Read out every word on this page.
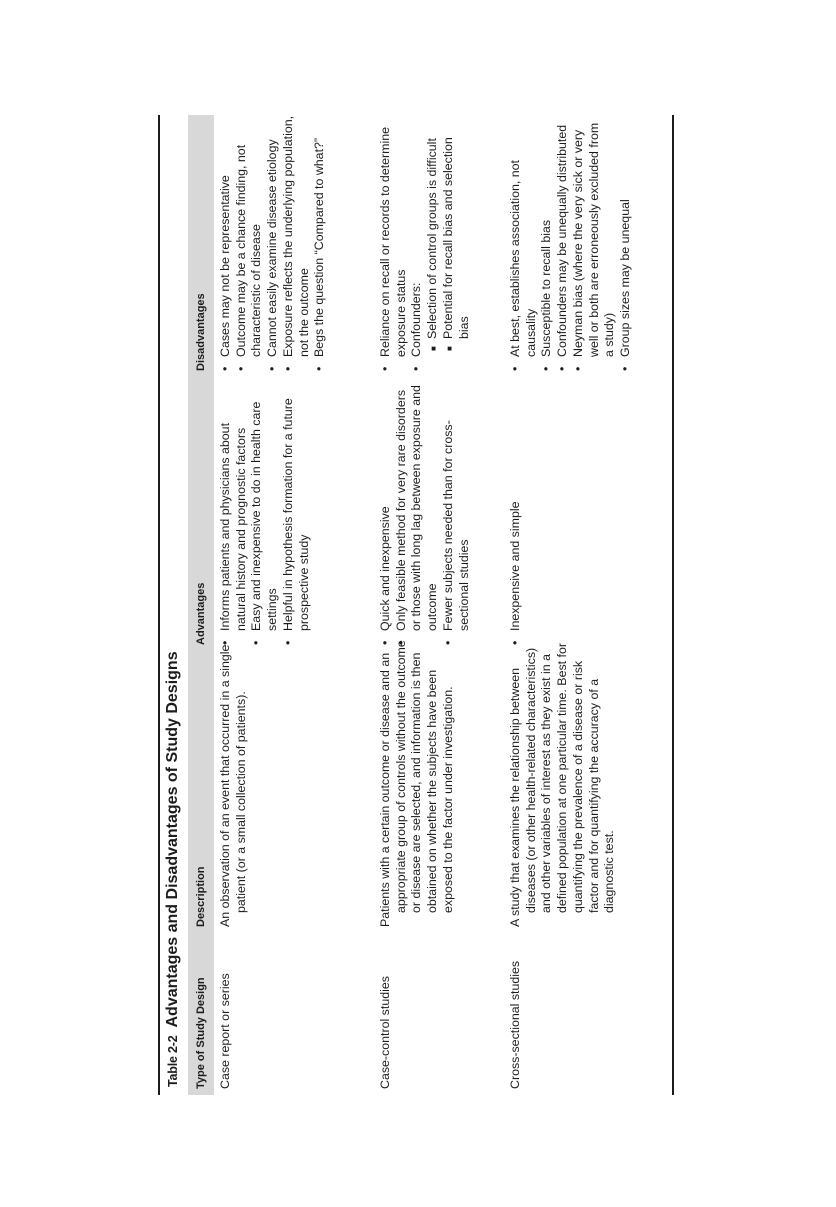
Table 2-2 Advantages and Disadvantages of Study Designs
Type of Study Design
Description
Advantages
Disadvantages
Case report or series
An observation of an event that occurred in a single patient (or a small collection of patients).
• Informs patients and physicians about natural history and prognostic factors • Easy and inexpensive to do in health care settings • Helpful in hypothesis formation for a future prospective study
• Cases may not be representative • Outcome may be a chance finding, not characteristic of disease • Cannot easily examine disease etiology • Exposure reflects the underlying population, not the outcome • Begs the question “Compared to what?”
Case-control studies
Patients with a certain outcome or disease and an appropriate group of controls without the outcome or disease are selected, and information is then obtained on whether the subjects have been exposed to the factor under investigation.
• Quick and inexpensive • Only feasible method for very rare disorders or those with long lag between exposure and outcome • Fewer subjects needed than for cross-sectional studies
• Reliance on recall or records to determine exposure status • Confounders: ■ Selection of control groups is difficult ■ Potential for recall bias and selection bias
Cross-sectional studies
A study that examines the relationship between diseases (or other health-related characteristics) and other variables of interest as they exist in a defined population at one particular time. Best for quantifying the prevalence of a disease or risk factor and for quantifying the accuracy of a diagnostic test.
• Inexpensive and simple
• At best, establishes association, not causality • Susceptible to recall bias • Confounders may be unequally distributed • Neyman bias (where the very sick or very well or both are erroneously excluded from a study) • Group sizes may be unequal
